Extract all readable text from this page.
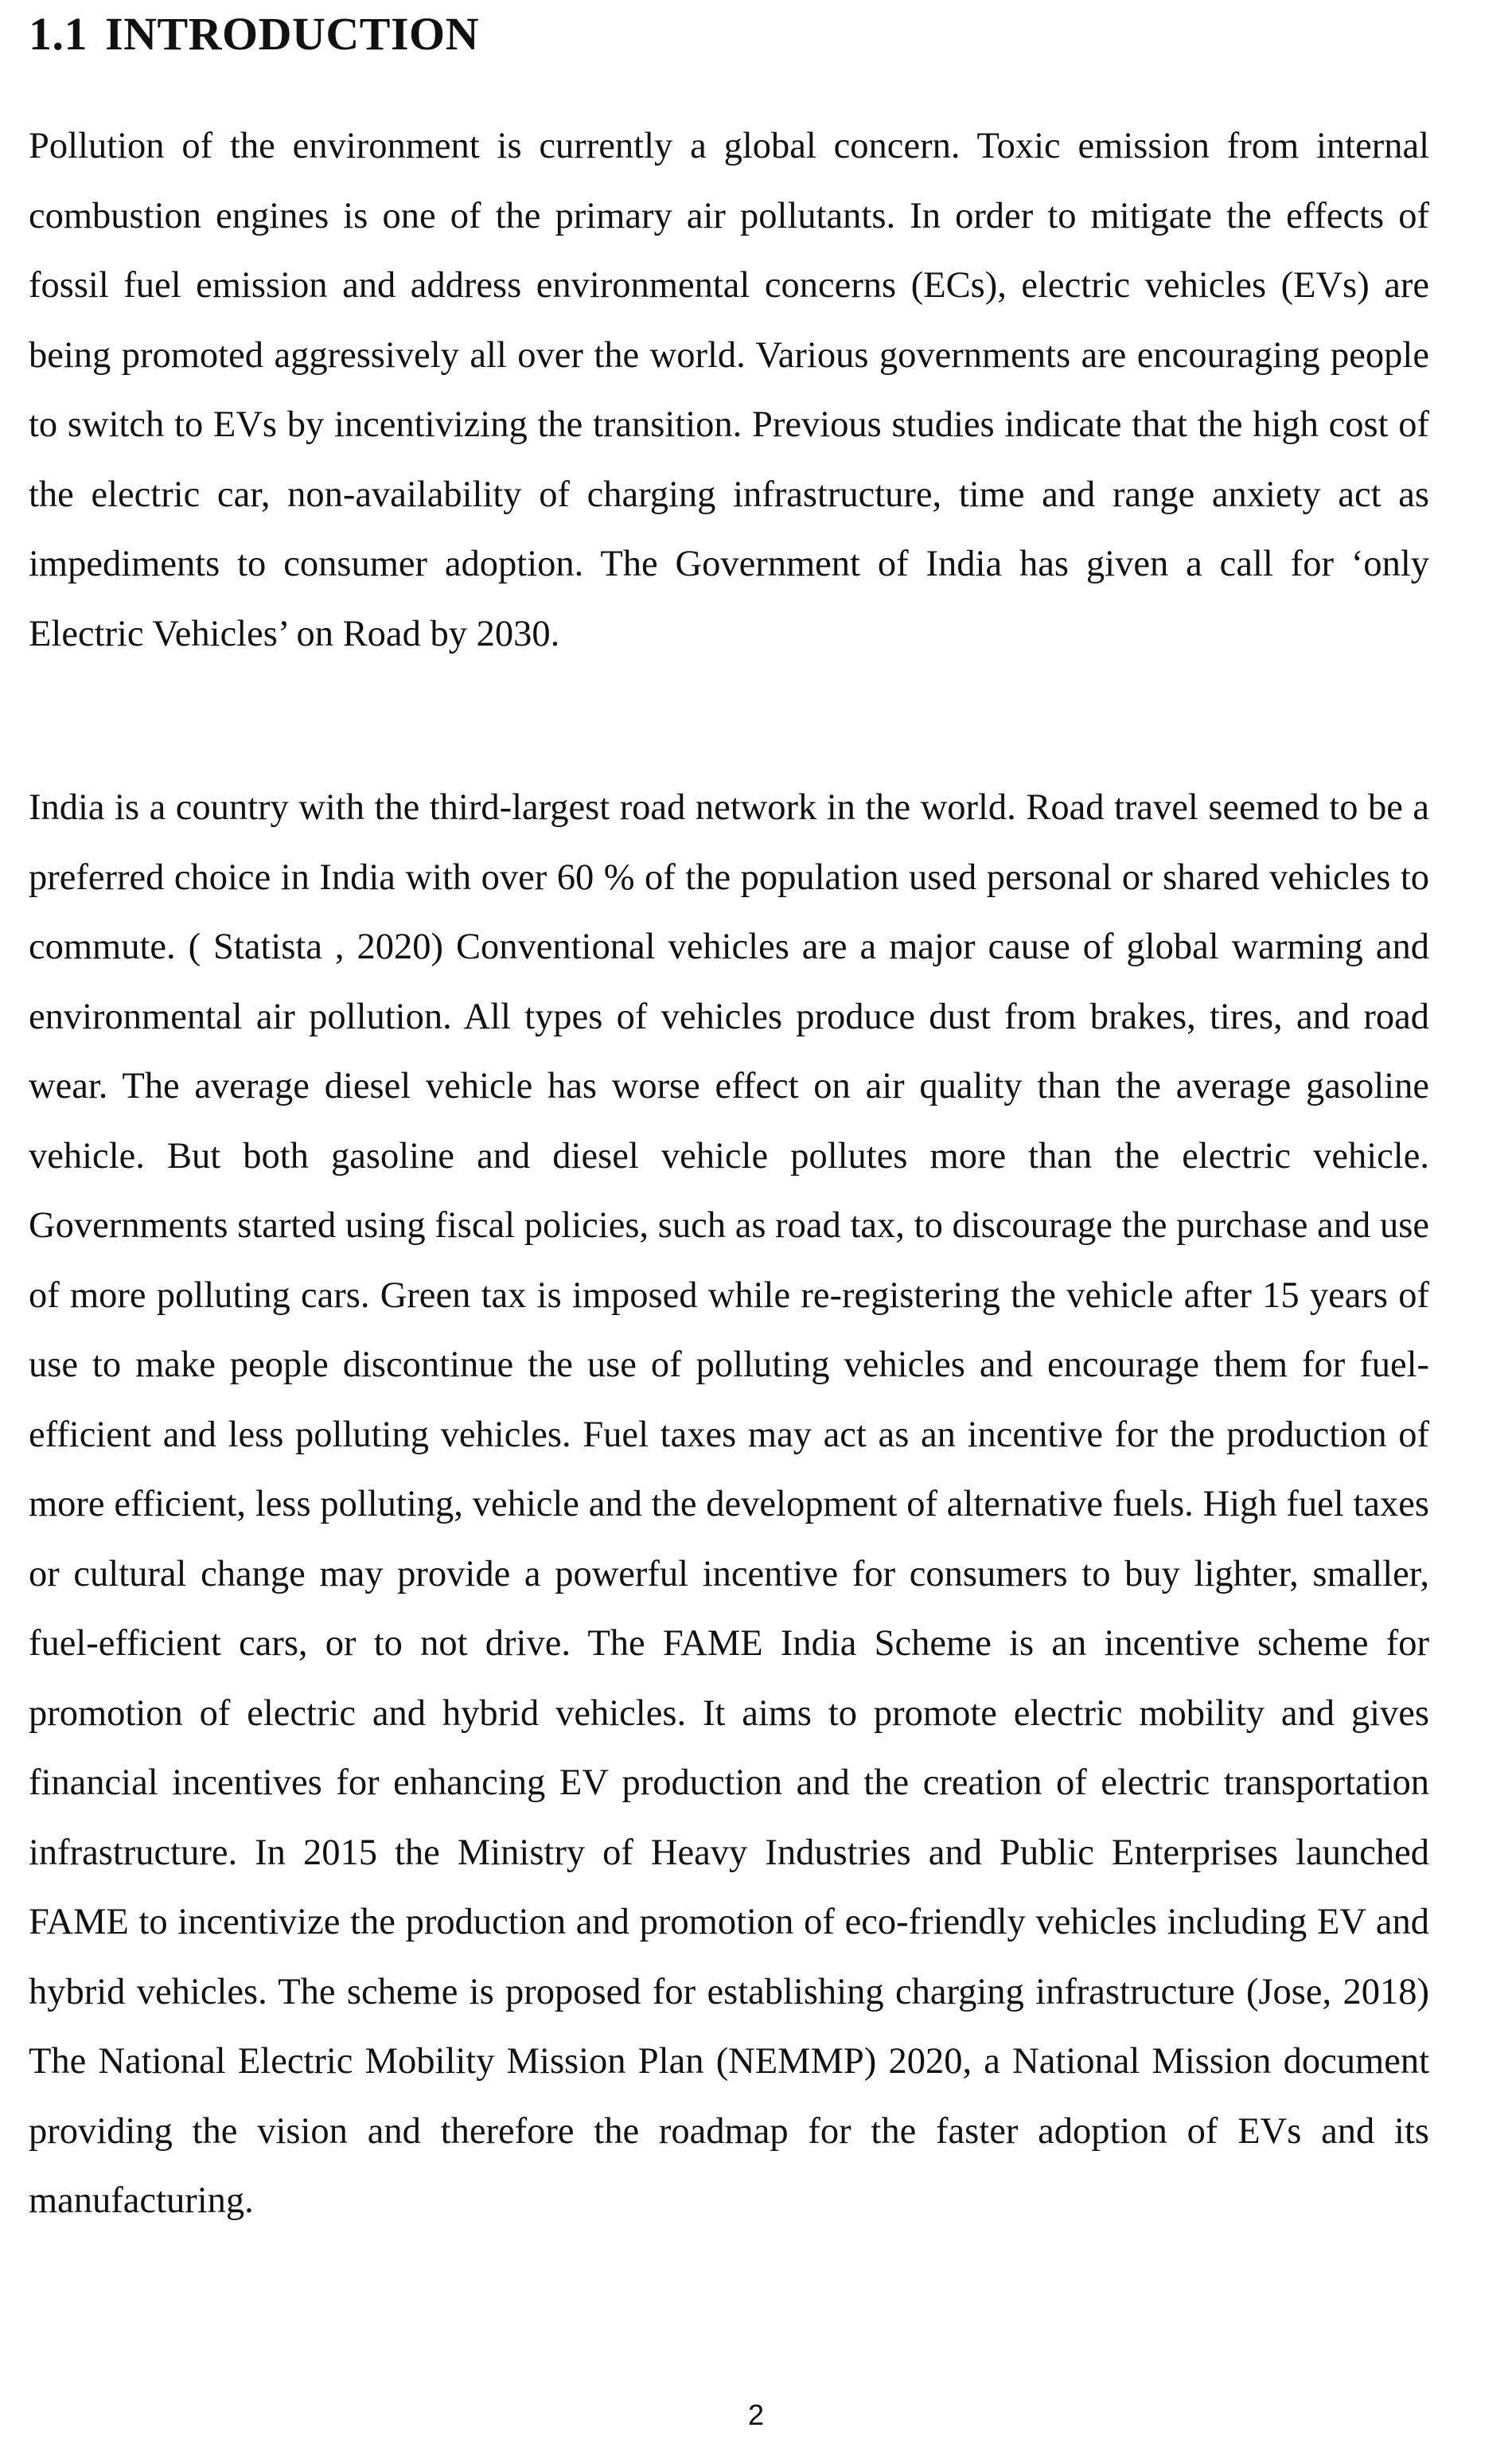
1.1 INTRODUCTION

Pollution of the environment is currently a global concern. Toxic emission from internal combustion engines is one of the primary air pollutants. In order to mitigate the effects of fossil fuel emission and address environmental concerns (ECs), electric vehicles (EVs) are being promoted aggressively all over the world. Various governments are encouraging people to switch to EVs by incentivizing the transition. Previous studies indicate that the high cost of the electric car, non-availability of charging infrastructure, time and range anxiety act as impediments to consumer adoption. The Government of India has given a call for ‘only Electric Vehicles’ on Road by 2030.

India is a country with the third-largest road network in the world. Road travel seemed to be a preferred choice in India with over 60 % of the population used personal or shared vehicles to commute. ( Statista , 2020) Conventional vehicles are a major cause of global warming and environmental air pollution. All types of vehicles produce dust from brakes, tires, and road wear. The average diesel vehicle has worse effect on air quality than the average gasoline vehicle. But both gasoline and diesel vehicle pollutes more than the electric vehicle. Governments started using fiscal policies, such as road tax, to discourage the purchase and use of more polluting cars. Green tax is imposed while re-registering the vehicle after 15 years of use to make people discontinue the use of polluting vehicles and encourage them for fuel-efficient and less polluting vehicles. Fuel taxes may act as an incentive for the production of more efficient, less polluting, vehicle and the development of alternative fuels. High fuel taxes or cultural change may provide a powerful incentive for consumers to buy lighter, smaller, fuel-efficient cars, or to not drive. The FAME India Scheme is an incentive scheme for promotion of electric and hybrid vehicles. It aims to promote electric mobility and gives financial incentives for enhancing EV production and the creation of electric transportation infrastructure. In 2015 the Ministry of Heavy Industries and Public Enterprises launched FAME to incentivize the production and promotion of eco-friendly vehicles including EV and hybrid vehicles. The scheme is proposed for establishing charging infrastructure (Jose, 2018) The National Electric Mobility Mission Plan (NEMMP) 2020, a National Mission document providing the vision and therefore the roadmap for the faster adoption of EVs and its manufacturing.

2
